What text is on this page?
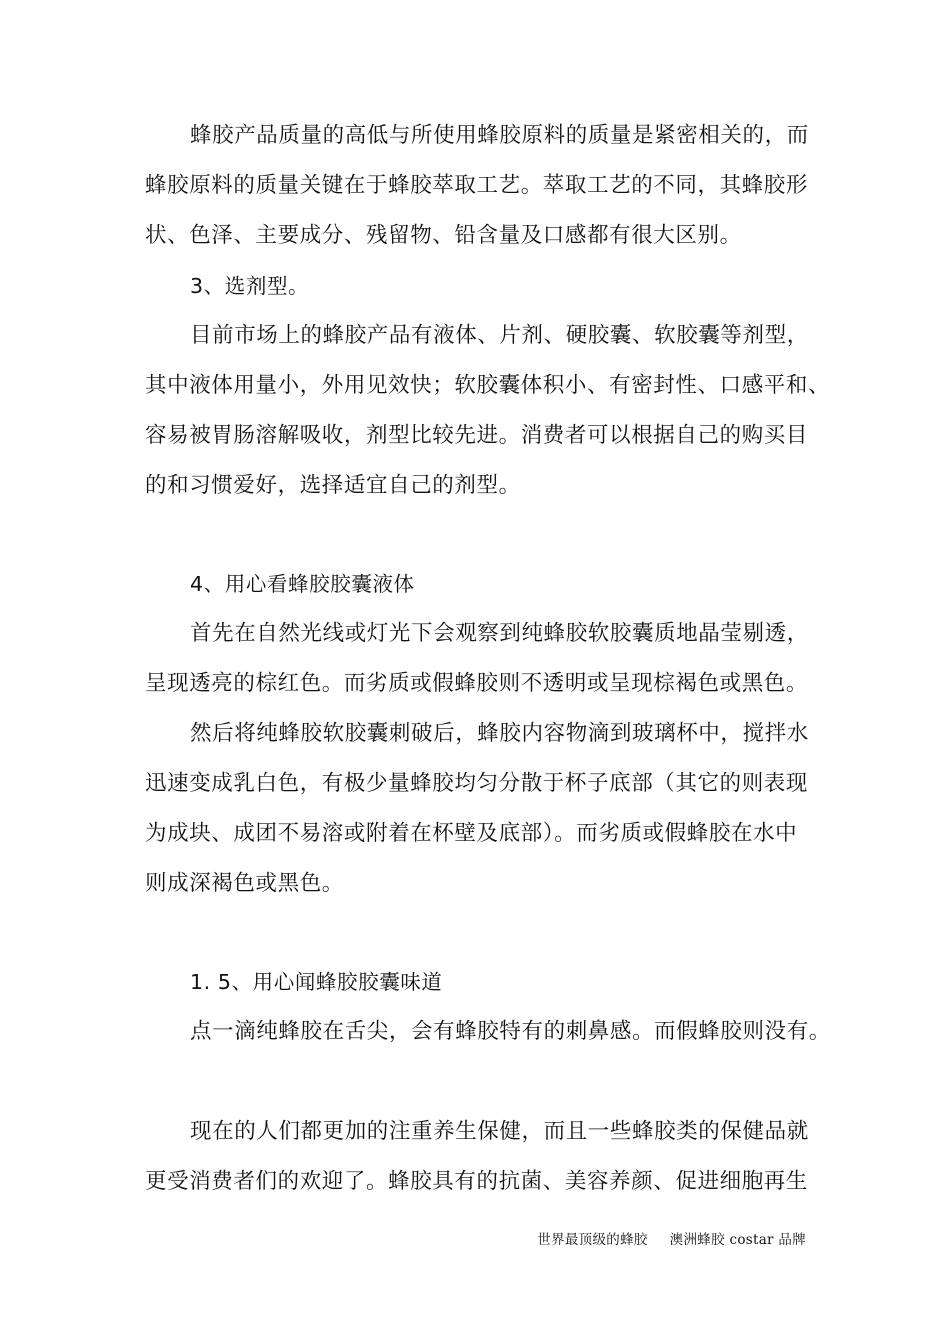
蜂胶产品质量的高低与所使用蜂胶原料的质量是紧密相关的，而
蜂胶原料的质量关键在于蜂胶萃取工艺。萃取工艺的不同，其蜂胶形
状、色泽、主要成分、残留物、铅含量及口感都有很大区别。
3、选剂型。
目前市场上的蜂胶产品有液体、片剂、硬胶囊、软胶囊等剂型，
其中液体用量小，外用见效快；软胶囊体积小、有密封性、口感平和、
容易被胃肠溶解吸收，剂型比较先进。消费者可以根据自己的购买目
的和习惯爱好，选择适宜自己的剂型。
4、用心看蜂胶胶囊液体
首先在自然光线或灯光下会观察到纯蜂胶软胶囊质地晶莹剔透，
呈现透亮的棕红色。而劣质或假蜂胶则不透明或呈现棕褐色或黑色。
然后将纯蜂胶软胶囊刺破后，蜂胶内容物滴到玻璃杯中，搅拌水
迅速变成乳白色，有极少量蜂胶均匀分散于杯子底部（其它的则表现
为成块、成团不易溶或附着在杯壁及底部）。而劣质或假蜂胶在水中
则成深褐色或黑色。
1. 5、用心闻蜂胶胶囊味道
点一滴纯蜂胶在舌尖，会有蜂胶特有的刺鼻感。而假蜂胶则没有。
现在的人们都更加的注重养生保健，而且一些蜂胶类的保健品就
更受消费者们的欢迎了。蜂胶具有的抗菌、美容养颜、促进细胞再生
世界最顶级的蜂胶 澳洲蜂胶 costar 品牌
